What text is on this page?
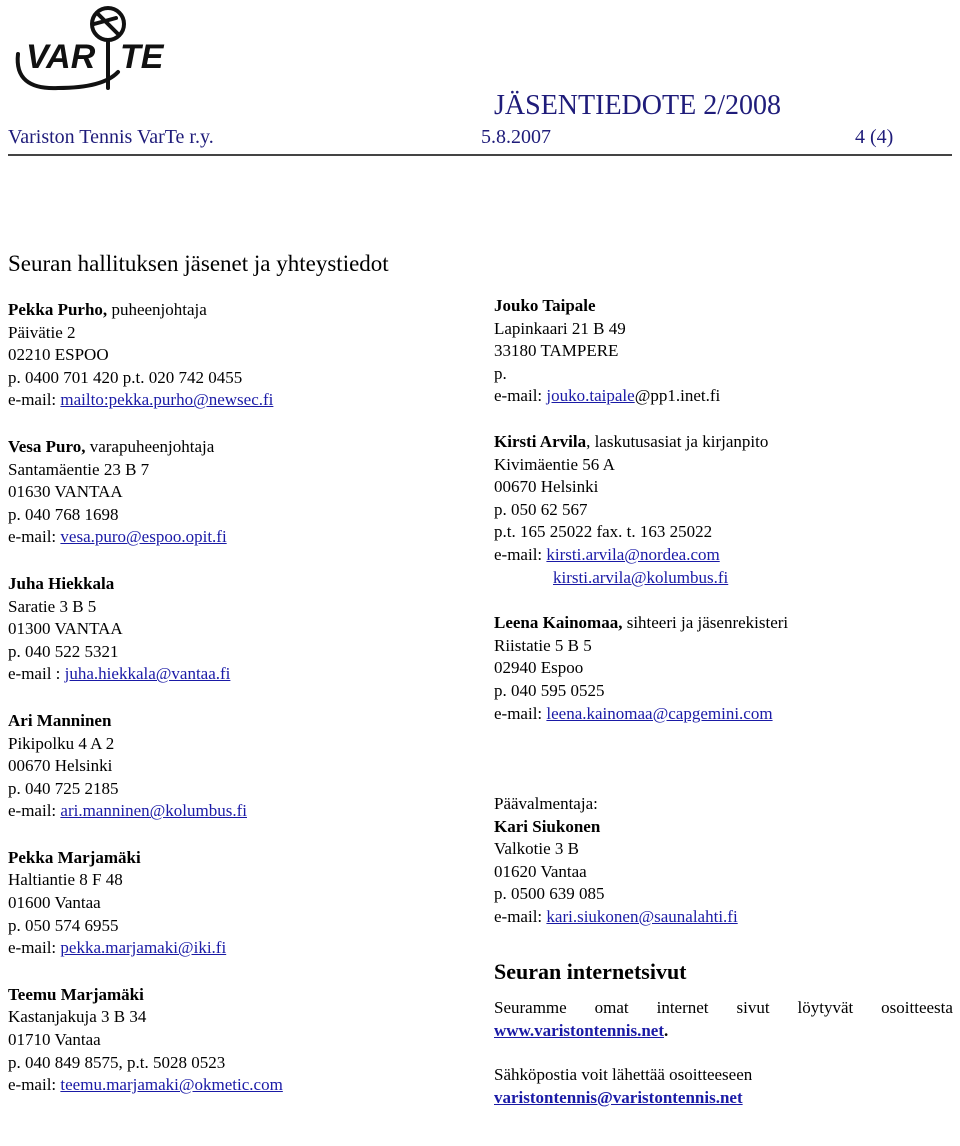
VAR TE
JÄSENTIEDOTE 2/2008
Variston Tennis VarTe r.y.	5.8.2007	4 (4)
Seuran hallituksen jäsenet ja yhteystiedot
Pekka Purho, puheenjohtaja
Päivätie 2
02210 ESPOO
p. 0400 701 420 p.t. 020 742 0455
e-mail: mailto:pekka.purho@newsec.fi
Vesa Puro, varapuheenjohtaja
Santamäentie 23 B 7
01630 VANTAA
p. 040 768 1698
e-mail: vesa.puro@espoo.opit.fi
Juha Hiekkala
Saratie 3 B 5
01300 VANTAA
p. 040 522 5321
e-mail : juha.hiekkala@vantaa.fi
Ari Manninen
Pikipolku 4 A 2
00670 Helsinki
p. 040 725 2185
e-mail: ari.manninen@kolumbus.fi
Pekka Marjamäki
Haltiantie 8 F 48
01600 Vantaa
p. 050 574 6955
e-mail: pekka.marjamaki@iki.fi
Teemu Marjamäki
Kastanjakuja 3 B 34
01710 Vantaa
p. 040 849 8575, p.t. 5028 0523
e-mail: teemu.marjamaki@okmetic.com
Jouko Taipale
Lapinkaari 21 B 49
33180 TAMPERE
p.
e-mail: jouko.taipale@pp1.inet.fi
Kirsti Arvila, laskutusasiat ja kirjanpito
Kivimäentie 56 A
00670 Helsinki
p. 050 62 567
p.t. 165 25022 fax. t. 163 25022
e-mail: kirsti.arvila@nordea.com
kirsti.arvila@kolumbus.fi
Leena Kainomaa, sihteeri ja jäsenrekisteri
Riistatie 5 B 5
02940 Espoo
p. 040 595 0525
e-mail: leena.kainomaa@capgemini.com
Päävalmentaja:
Kari Siukonen
Valkotie 3 B
01620 Vantaa
p. 0500 639 085
e-mail: kari.siukonen@saunalahti.fi
Seuran internetsivut
Seuramme omat internet sivut löytyvät osoitteesta
www.varistontennis.net.
Sähköpostia voit lähettää osoitteeseen
varistontennis@varistontennis.net
